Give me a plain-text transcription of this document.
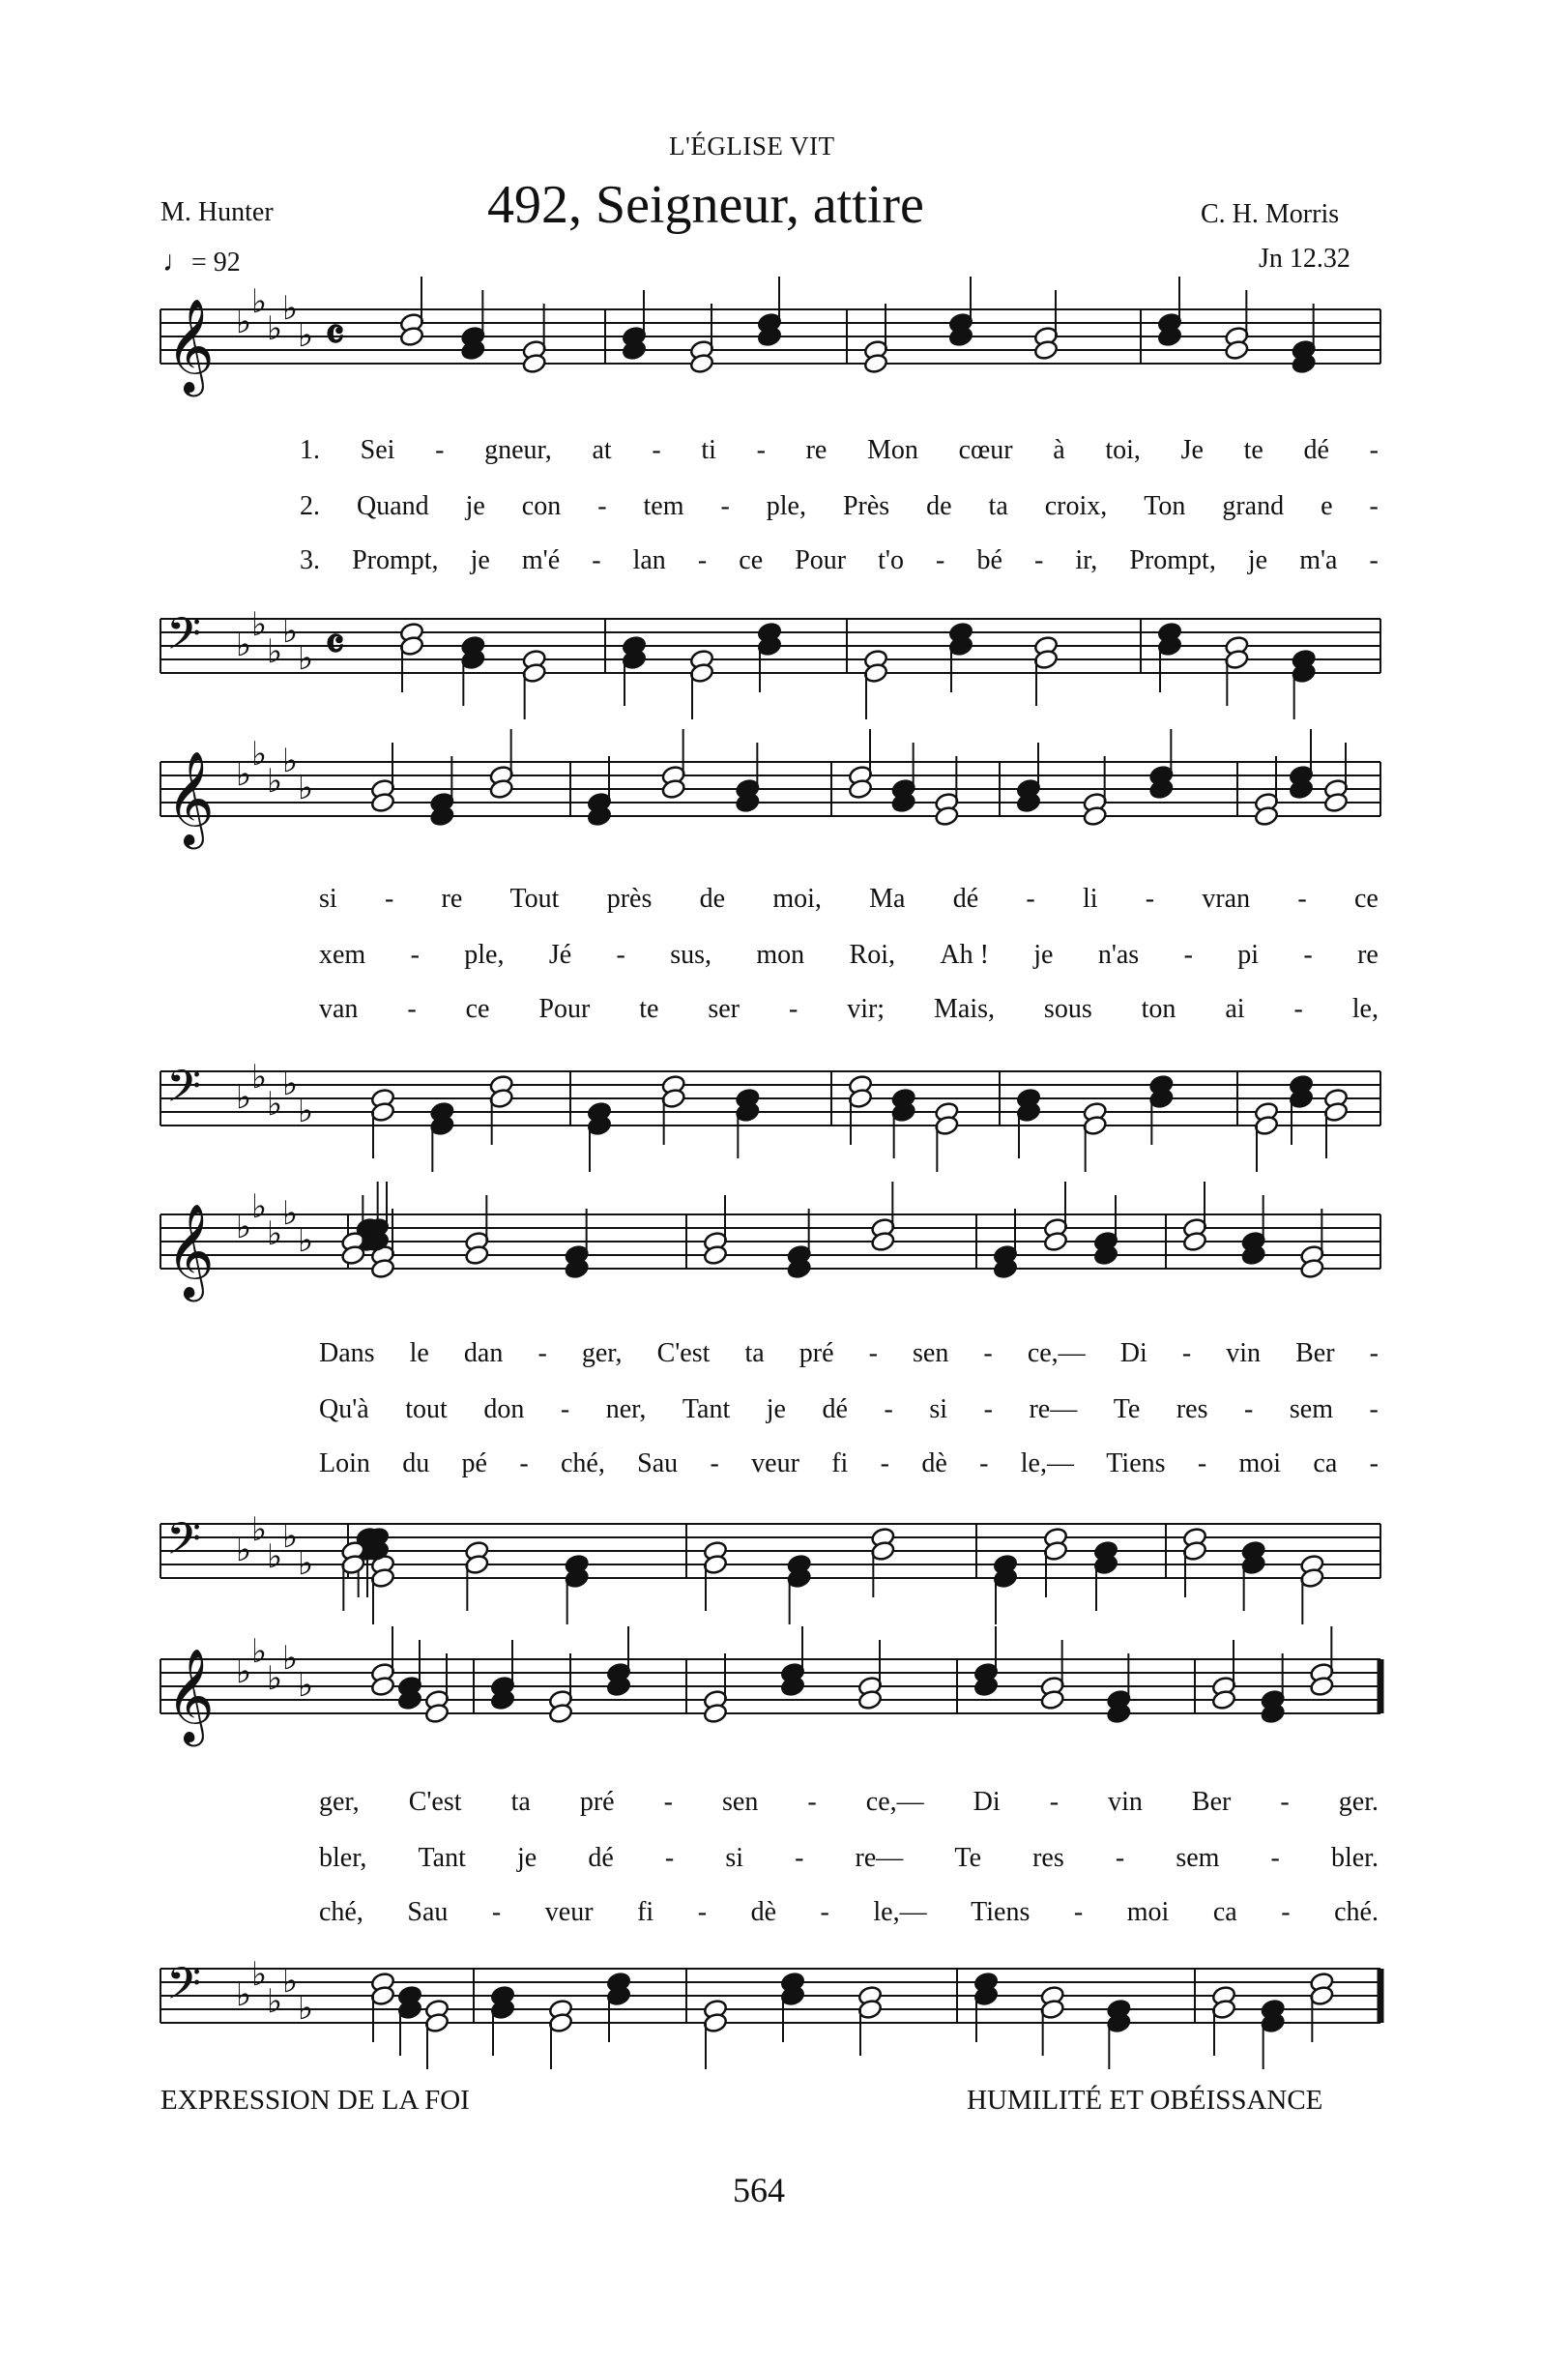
L'ÉGLISE VIT
492, Seigneur, attire
M. Hunter	C. H. Morris
♩= 92	Jn 12.32
𝄞 ♭
♭
♭
♭
♭ 𝄴
𝄢 ♭
♭
♭
♭
♭ 𝄴
𝄞 ♭
♭
♭
♭
♭
𝄢 ♭
♭
♭
♭
♭
𝄞 ♭
♭
♭
♭
♭
𝄢 ♭
♭
♭
♭
♭
𝄞 ♭
♭
♭
♭
♭
𝄢 ♭
♭
♭
♭
♭
1. Sei - gneur, at - ti - re Mon cœur à toi, Je te dé -
2. Quand je con - tem - ple, Près de ta croix, Ton grand e -
3. Prompt, je m'é - lan - ce Pour t'o - bé - ir, Prompt, je m'a -
si - re Tout près de moi, Ma dé - li - vran - ce
xem - ple, Jé - sus, mon Roi, Ah ! je n'as - pi - re
van - ce Pour te ser - vir; Mais, sous ton ai - le,
Dans le dan - ger, C'est ta pré - sen - ce,— Di - vin Ber -
Qu'à tout don - ner, Tant je dé - si - re— Te res - sem -
Loin du pé - ché, Sau - veur fi - dè - le,— Tiens - moi ca -
ger, C'est ta pré - sen - ce,— Di - vin Ber - ger.
bler, Tant je dé - si - re— Te res - sem - bler.
ché, Sau - veur fi - dè - le,— Tiens - moi ca - ché.
EXPRESSION DE LA FOI	HUMILITÉ ET OBÉISSANCE
564
